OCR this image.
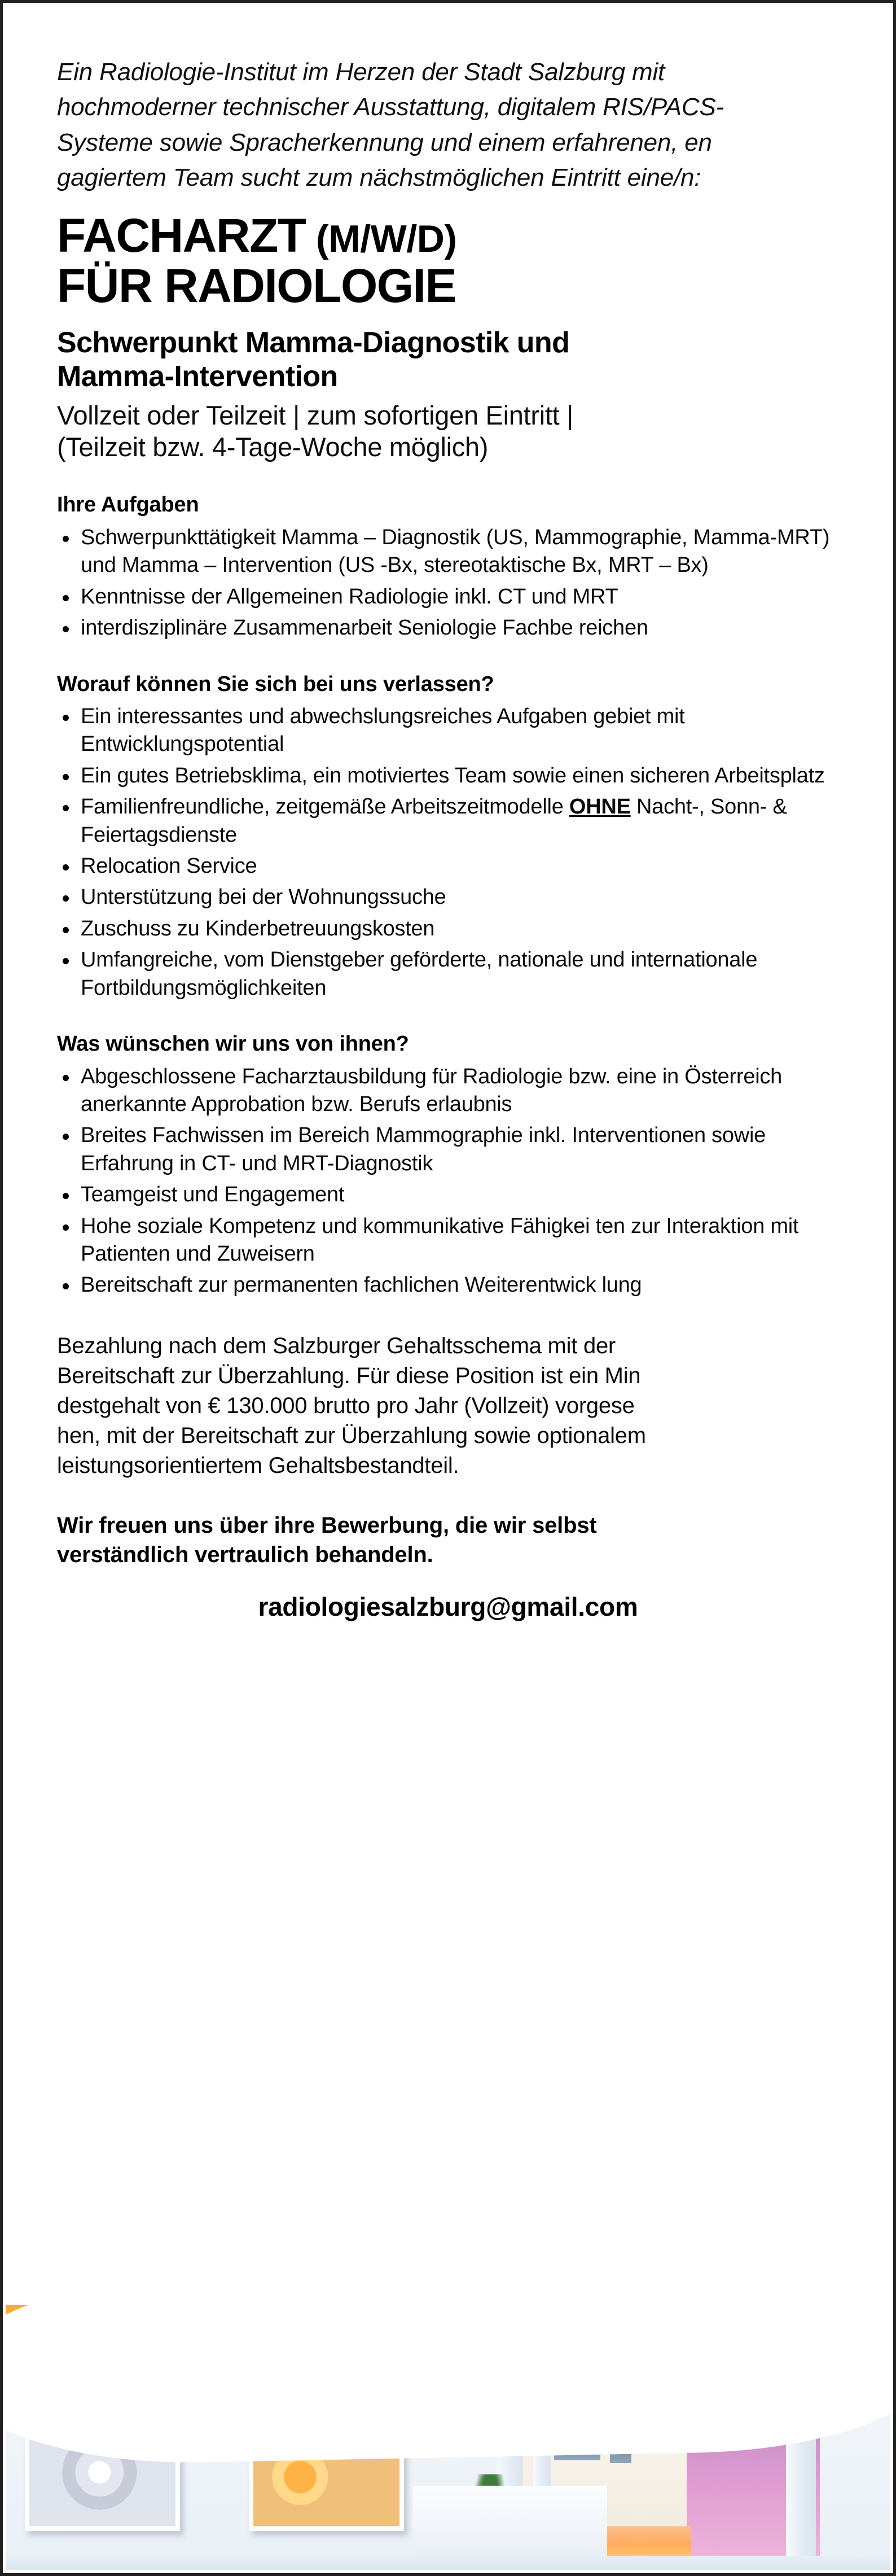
Ein Radiologie-Institut im Herzen der Stadt Salzburg mit
hochmoderner technischer Ausstattung, digitalem RIS/PACS-
Systeme sowie Spracherkennung und einem erfahrenen, en
gagiertem Team sucht zum nächstmöglichen Eintritt eine/n:

FACHARZT (M/W/D)
FÜR RADIOLOGIE
Schwerpunkt Mamma-Diagnostik und
Mamma-Intervention
Vollzeit oder Teilzeit | zum sofortigen Eintritt |
(Teilzeit bzw. 4-Tage-Woche möglich)
Ihre Aufgaben
Schwerpunkttätigkeit Mamma – Diagnostik (US, Mammographie, Mamma-MRT) und Mamma – Intervention (US -Bx, stereotaktische Bx, MRT – Bx)
Kenntnisse der Allgemeinen Radiologie inkl. CT und MRT
interdisziplinäre Zusammenarbeit Seniologie Fachbe reichen
Worauf können Sie sich bei uns verlassen?
Ein interessantes und abwechslungsreiches Aufgaben gebiet mit Entwicklungspotential
Ein gutes Betriebsklima, ein motiviertes Team sowie einen sicheren Arbeitsplatz
Familienfreundliche, zeitgemäße Arbeitszeitmodelle OHNE Nacht-, Sonn- & Feiertagsdienste
Relocation Service
Unterstützung bei der Wohnungssuche
Zuschuss zu Kinderbetreuungskosten
Umfangreiche, vom Dienstgeber geförderte, nationale und internationale Fortbildungsmöglichkeiten
Was wünschen wir uns von ihnen?
Abgeschlossene Facharztausbildung für Radiologie bzw. eine in Österreich anerkannte Approbation bzw. Berufs erlaubnis
Breites Fachwissen im Bereich Mammographie inkl. Interventionen sowie Erfahrung in CT- und MRT-Diagnostik
Teamgeist und Engagement
Hohe soziale Kompetenz und kommunikative Fähigkei ten zur Interaktion mit Patienten und Zuweisern
Bereitschaft zur permanenten fachlichen Weiterentwick lung

Bezahlung nach dem Salzburger Gehaltsschema mit der
Bereitschaft zur Überzahlung. Für diese Position ist ein Min
destgehalt von € 130.000 brutto pro Jahr (Vollzeit) vorgese
hen, mit der Bereitschaft zur Überzahlung sowie optionalem
leistungsorientiertem Gehaltsbestandteil.

Wir freuen uns über ihre Bewerbung, die wir selbst
verständlich vertraulich behandeln.

radiologiesalzburg@gmail.com
